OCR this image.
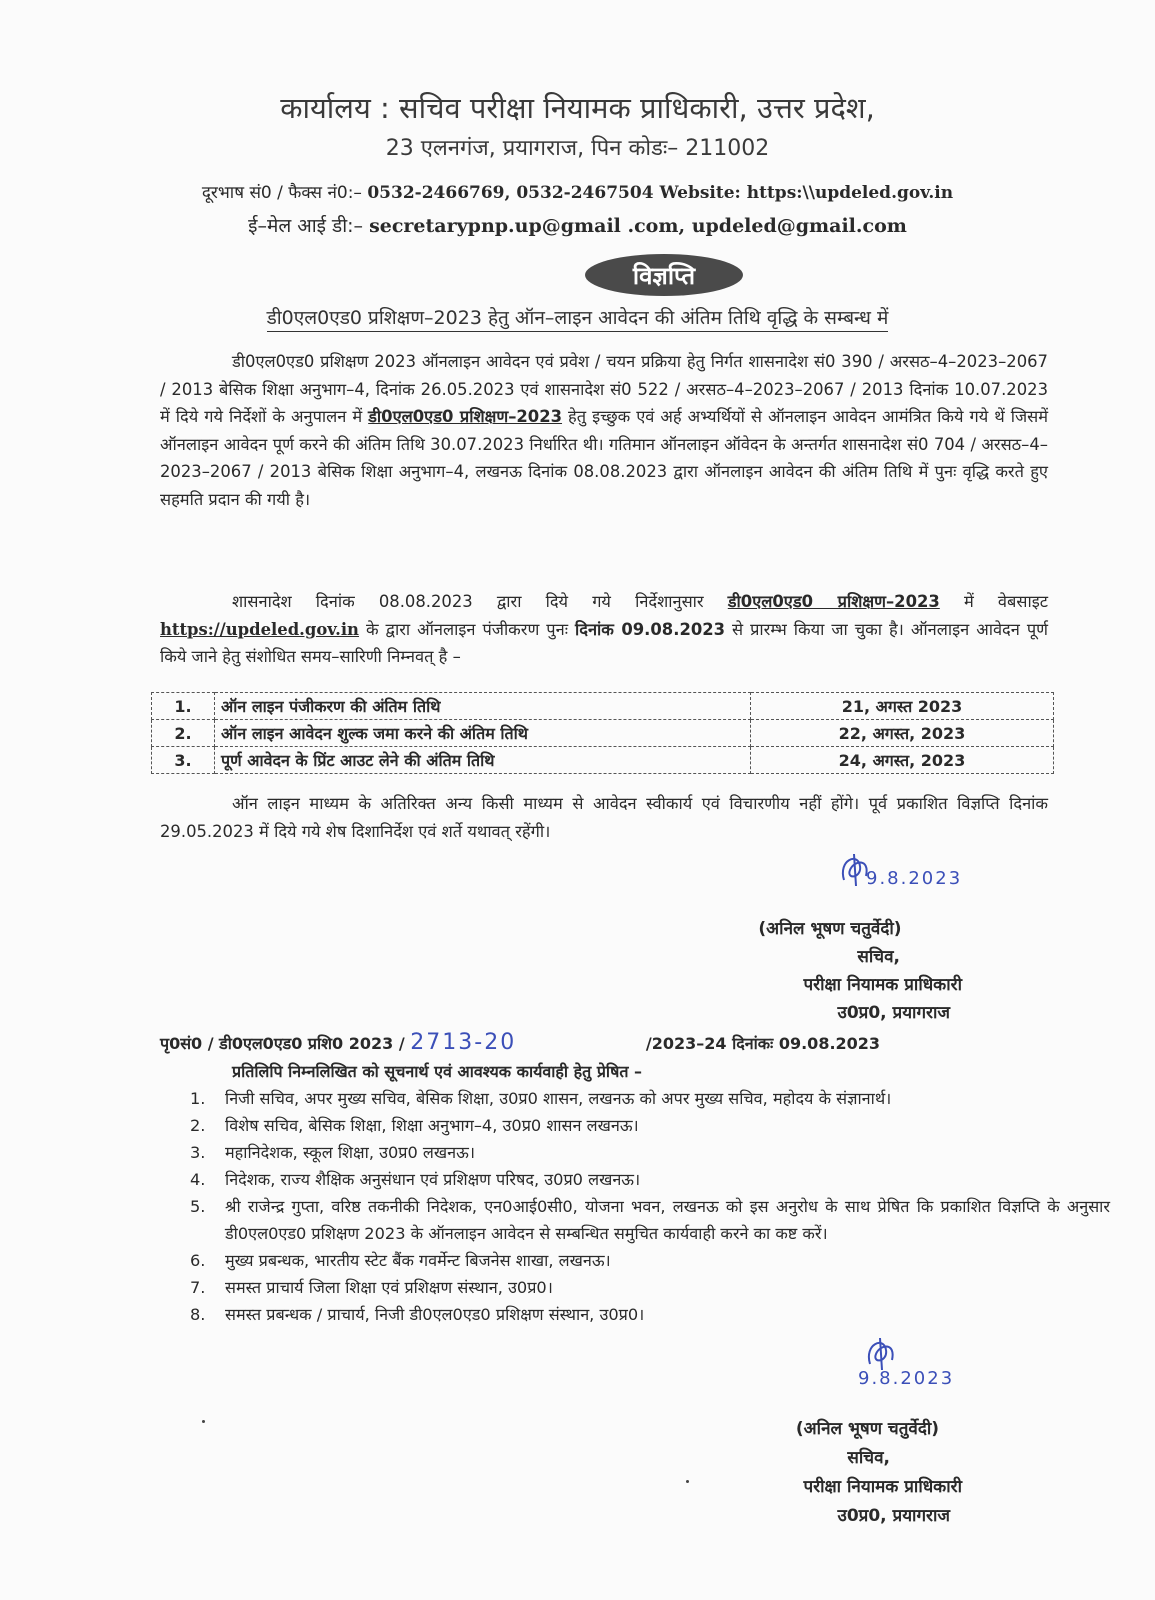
कार्यालय : सचिव परीक्षा नियामक प्राधिकारी, उत्तर प्रदेश,
23 एलनगंज, प्रयागराज, पिन कोडः– 211002
दूरभाष सं0 / फैक्स नं0:– 0532-2466769, 0532-2467504 Website: https:\\updeled.gov.in
ई–मेल आई डी:– secretarypnp.up@gmail .com, updeled@gmail.com
विज्ञप्ति
डी0एल0एड0 प्रशिक्षण–2023 हेतु ऑन–लाइन आवेदन की अंतिम तिथि वृद्धि के सम्बन्ध में

डी0एल0एड0 प्रशिक्षण 2023 ऑनलाइन आवेदन एवं प्रवेश / चयन प्रक्रिया हेतु निर्गत शासनादेश सं0 390 / अरसठ–4–2023–2067 / 2013 बेसिक शिक्षा अनुभाग–4, दिनांक 26.05.2023 एवं शासनादेश सं0 522 / अरसठ–4–2023–2067 / 2013 दिनांक 10.07.2023 में दिये गये निर्देशों के अनुपालन में डी0एल0एड0 प्रशिक्षण–2023 हेतु इच्छुक एवं अर्ह अभ्यर्थियों से ऑनलाइन आवेदन आमंत्रित किये गये थें जिसमें ऑनलाइन आवेदन पूर्ण करने की अंतिम तिथि 30.07.2023 निर्धारित थी। गतिमान ऑनलाइन ऑवेदन के अन्तर्गत शासनादेश सं0 704 / अरसठ–4–2023–2067 / 2013 बेसिक शिक्षा अनुभाग–4, लखनऊ दिनांक 08.08.2023 द्वारा ऑनलाइन आवेदन की अंतिम तिथि में पुनः वृद्धि करते हुए सहमति प्रदान की गयी है।

शासनादेश दिनांक 08.08.2023 द्वारा दिये गये निर्देशानुसार डी0एल0एड0 प्रशिक्षण–2023 में वेबसाइट https://updeled.gov.in के द्वारा ऑनलाइन पंजीकरण पुनः दिनांक 09.08.2023 से प्रारम्भ किया जा चुका है। ऑनलाइन आवेदन पूर्ण किये जाने हेतु संशोधित समय–सारिणी निम्नवत् है –

1.	ऑन लाइन पंजीकरण की अंतिम तिथि	21, अगस्त 2023
2.	ऑन लाइन आवेदन शुल्क जमा करने की अंतिम तिथि	22, अगस्त, 2023
3.	पूर्ण आवेदन के प्रिंट आउट लेने की अंतिम तिथि	24, अगस्त, 2023

ऑन लाइन माध्यम के अतिरिक्त अन्य किसी माध्यम से आवेदन स्वीकार्य एवं विचारणीय नहीं होंगे। पूर्व प्रकाशित विज्ञप्ति दिनांक 29.05.2023 में दिये गये शेष दिशानिर्देश एवं शर्ते यथावत् रहेंगी।

9.8.2023
(अनिल भूषण चतुर्वेदी)
सचिव,
परीक्षा नियामक प्राधिकारी
उ0प्र0, प्रयागराज
पृ0सं0 / डी0एल0एड0 प्रशि0 2023 / 2713-20	/2023–24 दिनांकः 09.08.2023
प्रतिलिपि निम्नलिखित को सूचनार्थ एवं आवश्यक कार्यवाही हेतु प्रेषित –
1.	निजी सचिव, अपर मुख्य सचिव, बेसिक शिक्षा, उ0प्र0 शासन, लखनऊ को अपर मुख्य सचिव, महोदय के संज्ञानार्थ।
2.	विशेष सचिव, बेसिक शिक्षा, शिक्षा अनुभाग–4, उ0प्र0 शासन लखनऊ।
3.	महानिदेशक, स्कूल शिक्षा, उ0प्र0 लखनऊ।
4.	निदेशक, राज्य शैक्षिक अनुसंधान एवं प्रशिक्षण परिषद, उ0प्र0 लखनऊ।
5.	श्री राजेन्द्र गुप्ता, वरिष्ठ तकनीकी निदेशक, एन0आई0सी0, योजना भवन, लखनऊ को इस अनुरोध के साथ प्रेषित कि प्रकाशित विज्ञप्ति के अनुसार डी0एल0एड0 प्रशिक्षण 2023 के ऑनलाइन आवेदन से सम्बन्धित समुचित कार्यवाही करने का कष्ट करें।
6.	मुख्य प्रबन्धक, भारतीय स्टेट बैंक गवर्मेन्ट बिजनेस शाखा, लखनऊ।
7.	समस्त प्राचार्य जिला शिक्षा एवं प्रशिक्षण संस्थान, उ0प्र0।
8.	समस्त प्रबन्धक / प्राचार्य, निजी डी0एल0एड0 प्रशिक्षण संस्थान, उ0प्र0।
9.8.2023
(अनिल भूषण चतुर्वेदी)
सचिव,
परीक्षा नियामक प्राधिकारी
उ0प्र0, प्रयागराज
